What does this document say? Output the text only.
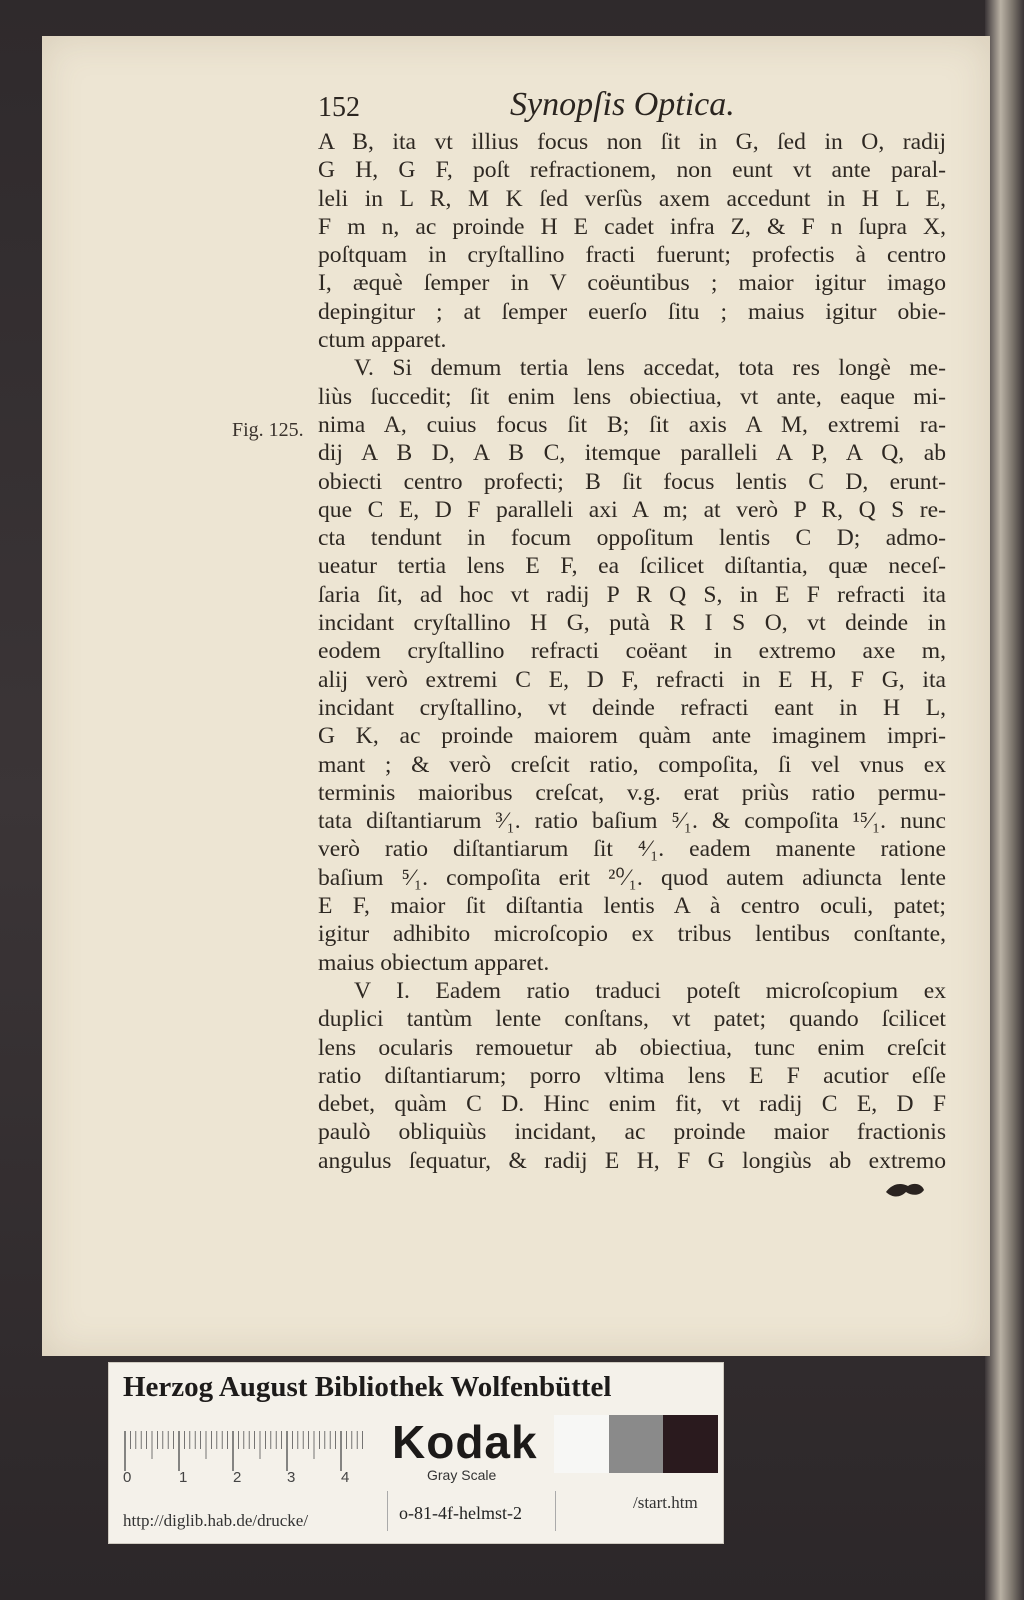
152	Synopſis Optica.
Fig. 125.
A B, ita vt illius focus non ſit in G, ſed in O, radij
G H, G F, poſt refractionem, non eunt vt ante paral-
leli in L R, M K ſed verſùs axem accedunt in H L E,
F m n, ac proinde H E cadet infra Z, & F n ſupra X,
poſtquam in cryſtallino fracti fuerunt; profectis à centro
I, æquè ſemper in V coëuntibus ; maior igitur imago
depingitur ; at ſemper euerſo ſitu ; maius igitur obie-
ctum apparet.
V. Si demum tertia lens accedat, tota res longè me-
liùs ſuccedit; ſit enim lens obiectiua, vt ante, eaque mi-
nima A, cuius focus ſit B; ſit axis A M, extremi ra-
dij A B D, A B C, itemque paralleli A P, A Q, ab
obiecti centro profecti; B ſit focus lentis C D, erunt-
que C E, D F paralleli axi A m; at verò P R, Q S re-
cta tendunt in focum oppoſitum lentis C D; admo-
ueatur tertia lens E F, ea ſcilicet diſtantia, quæ neceſ-
ſaria ſit, ad hoc vt radij P R Q S, in E F refracti ita
incidant cryſtallino H G, putà R I S O, vt deinde in
eodem cryſtallino refracti coëant in extremo axe m,
alij verò extremi C E, D F, refracti in E H, F G, ita
incidant cryſtallino, vt deinde refracti eant in H L,
G K, ac proinde maiorem quàm ante imaginem impri-
mant ; & verò creſcit ratio, compoſita, ſi vel vnus ex
terminis maioribus creſcat, v.g. erat priùs ratio permu-
tata diſtantiarum ³⁄₁. ratio baſium ⁵⁄₁. & compoſita ¹⁵⁄₁. nunc
verò ratio diſtantiarum ſit ⁴⁄₁. eadem manente ratione
baſium ⁵⁄₁. compoſita erit ²⁰⁄₁. quod autem adiuncta lente
E F, maior ſit diſtantia lentis A à centro oculi, patet;
igitur adhibito microſcopio ex tribus lentibus conſtante,
maius obiectum apparet.
V I. Eadem ratio traduci poteſt microſcopium ex
duplici tantùm lente conſtans, vt patet; quando ſcilicet
lens ocularis remouetur ab obiectiua, tunc enim creſcit
ratio diſtantiarum; porro vltima lens E F acutior eſſe
debet, quàm C D. Hinc enim fit, vt radij C E, D F
paulò obliquiùs incidant, ac proinde maior fractionis
angulus ſequatur, & radij E H, F G longiùs ab extremo
Herzog August Bibliothek Wolfenbüttel
0	1	2	3	4
Kodak
Gray Scale
http://diglib.hab.de/drucke/	o-81-4f-helmst-2
/start.htm
